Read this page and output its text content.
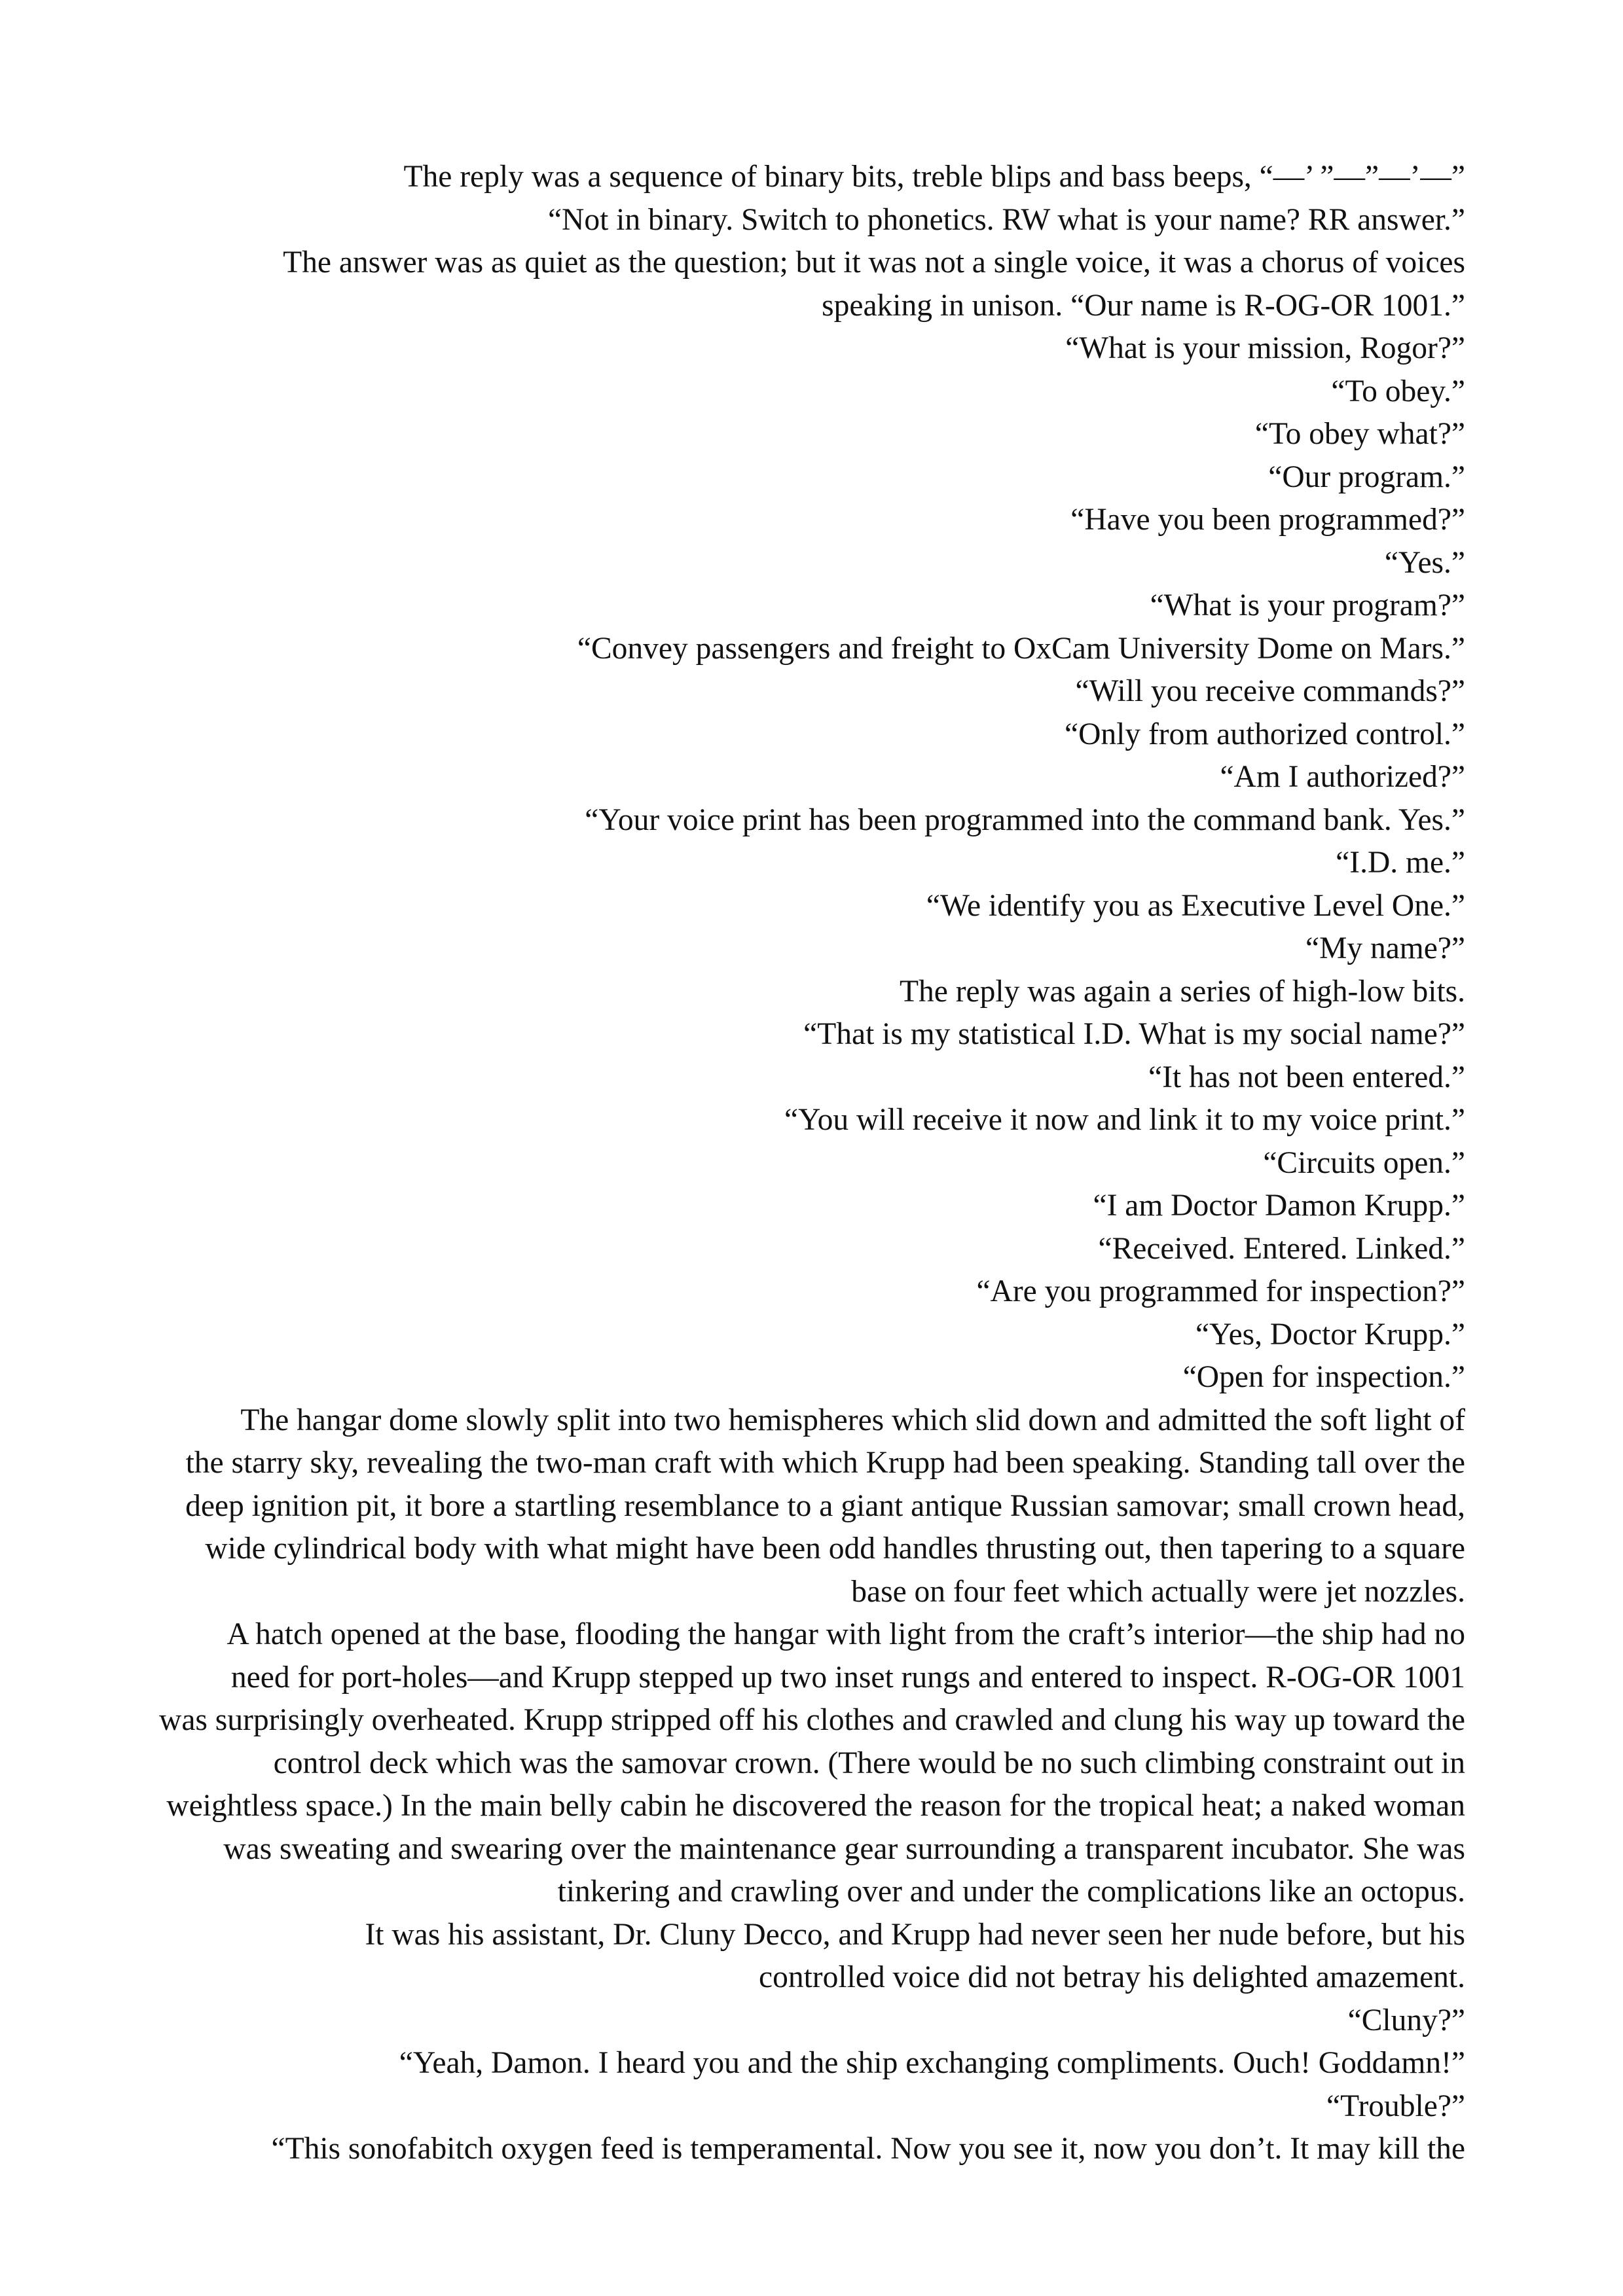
The reply was a sequence of binary bits, treble blips and bass beeps, “—’ ”—”—’—”
“Not in binary. Switch to phonetics. RW what is your name? RR answer.”
The answer was as quiet as the question; but it was not a single voice, it was a chorus of voices
speaking in unison. “Our name is R-OG-OR 1001.”
“What is your mission, Rogor?”
“To obey.”
“To obey what?”
“Our program.”
“Have you been programmed?”
“Yes.”
“What is your program?”
“Convey passengers and freight to OxCam University Dome on Mars.”
“Will you receive commands?”
“Only from authorized control.”
“Am I authorized?”
“Your voice print has been programmed into the command bank. Yes.”
“I.D. me.”
“We identify you as Executive Level One.”
“My name?”
The reply was again a series of high-low bits.
“That is my statistical I.D. What is my social name?”
“It has not been entered.”
“You will receive it now and link it to my voice print.”
“Circuits open.”
“I am Doctor Damon Krupp.”
“Received. Entered. Linked.”
“Are you programmed for inspection?”
“Yes, Doctor Krupp.”
“Open for inspection.”
The hangar dome slowly split into two hemispheres which slid down and admitted the soft light of
the starry sky, revealing the two-man craft with which Krupp had been speaking. Standing tall over the
deep ignition pit, it bore a startling resemblance to a giant antique Russian samovar; small crown head,
wide cylindrical body with what might have been odd handles thrusting out, then tapering to a square
base on four feet which actually were jet nozzles.
A hatch opened at the base, flooding the hangar with light from the craft’s interior—the ship had no
need for port-holes—and Krupp stepped up two inset rungs and entered to inspect. R-OG-OR 1001
was surprisingly overheated. Krupp stripped off his clothes and crawled and clung his way up toward the
control deck which was the samovar crown. (There would be no such climbing constraint out in
weightless space.) In the main belly cabin he discovered the reason for the tropical heat; a naked woman
was sweating and swearing over the maintenance gear surrounding a transparent incubator. She was
tinkering and crawling over and under the complications like an octopus.
It was his assistant, Dr. Cluny Decco, and Krupp had never seen her nude before, but his
controlled voice did not betray his delighted amazement.
“Cluny?”
“Yeah, Damon. I heard you and the ship exchanging compliments. Ouch! Goddamn!”
“Trouble?”
“This sonofabitch oxygen feed is temperamental. Now you see it, now you don’t. It may kill the
